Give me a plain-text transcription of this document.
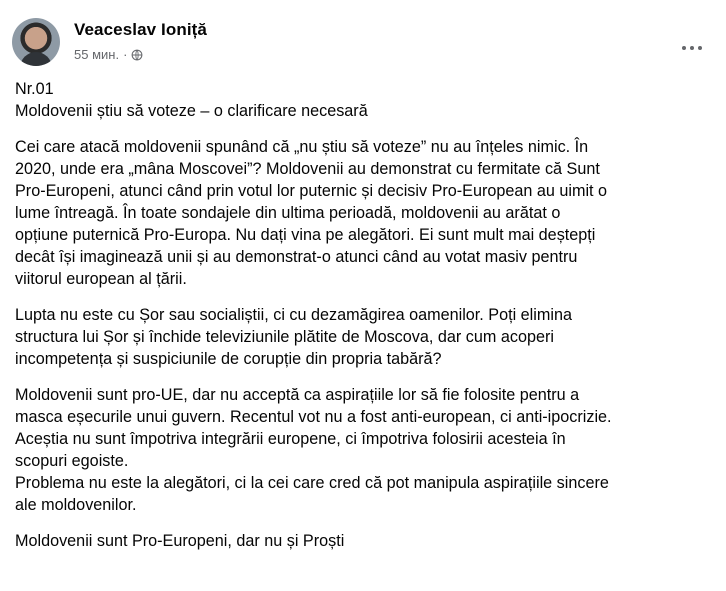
Veaceslav Ioniță
55 мин. ·

Nr.01

Moldovenii știu să voteze – o clarificare necesară

Cei care atacă moldovenii spunând că „nu știu să voteze” nu au înțeles nimic. În

2020, unde era „mâna Moscovei”? Moldovenii au demonstrat cu fermitate că Sunt

Pro-Europeni, atunci când prin votul lor puternic și decisiv Pro-European au uimit o

lume întreagă. În toate sondajele din ultima perioadă, moldovenii au arătat o

opțiune puternică Pro-Europa. Nu dați vina pe alegători. Ei sunt mult mai deștepți

decât își imaginează unii și au demonstrat-o atunci când au votat masiv pentru

viitorul european al țării.

Lupta nu este cu Șor sau socialiștii, ci cu dezamăgirea oamenilor. Poți elimina

structura lui Șor și închide televiziunile plătite de Moscova, dar cum acoperi

incompetența și suspiciunile de corupție din propria tabără?

Moldovenii sunt pro-UE, dar nu acceptă ca aspirațiile lor să fie folosite pentru a

masca eșecurile unui guvern. Recentul vot nu a fost anti-european, ci anti-ipocrizie.

Aceștia nu sunt împotriva integrării europene, ci împotriva folosirii acesteia în

scopuri egoiste.

Problema nu este la alegători, ci la cei care cred că pot manipula aspirațiile sincere

ale moldovenilor.

Moldovenii sunt Pro-Europeni, dar nu și Proști
